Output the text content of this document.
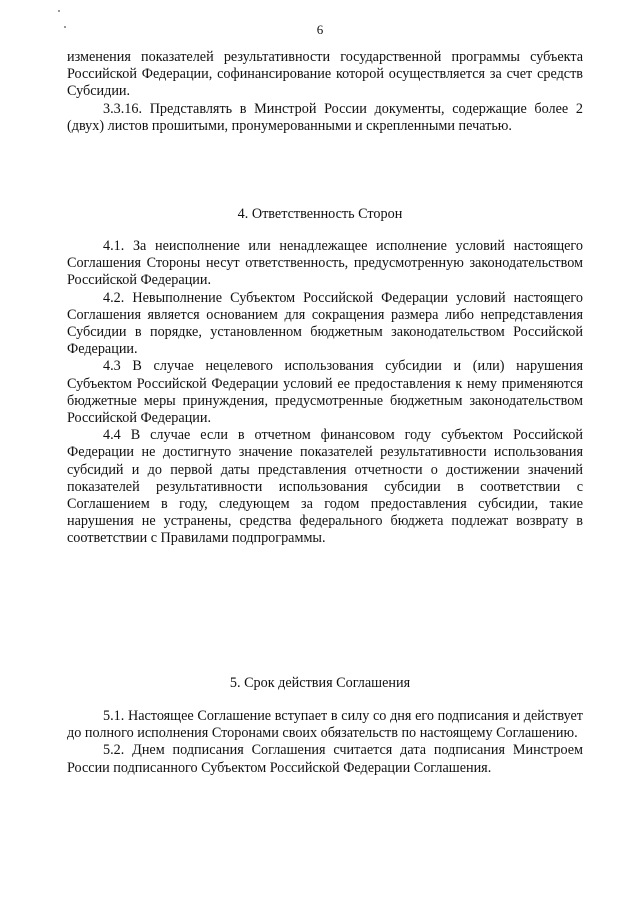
6

изменения показателей результативности государственной программы субъекта Российской Федерации, софинансирование которой осуществляется за счет средств Субсидии.

3.3.16. Представлять в Минстрой России документы, содержащие более 2 (двух) листов прошитыми, пронумерованными и скрепленными печатью.

4. Ответственность Сторон

4.1. За неисполнение или ненадлежащее исполнение условий настоящего Соглашения Стороны несут ответственность, предусмотренную законодательством Российской Федерации.

4.2. Невыполнение Субъектом Российской Федерации условий настоящего Соглашения является основанием для сокращения размера либо непредставления Субсидии в порядке, установленном бюджетным законодательством Российской Федерации.

4.3 В случае нецелевого использования субсидии и (или) нарушения Субъектом Российской Федерации условий ее предоставления к нему применяются бюджетные меры принуждения, предусмотренные бюджетным законодательством Российской Федерации.

4.4 В случае если в отчетном финансовом году субъектом Российской Федерации не достигнуто значение показателей результативности использования субсидий и до первой даты представления отчетности о достижении значений показателей результативности использования субсидии в соответствии с Соглашением в году, следующем за годом предоставления субсидии, такие нарушения не устранены, средства федерального бюджета подлежат возврату в соответствии с Правилами подпрограммы.

5. Срок действия Соглашения

5.1. Настоящее Соглашение вступает в силу со дня его подписания и действует до полного исполнения Сторонами своих обязательств по настоящему Соглашению.

5.2. Днем подписания Соглашения считается дата подписания Минстроем России подписанного Субъектом Российской Федерации Соглашения.
